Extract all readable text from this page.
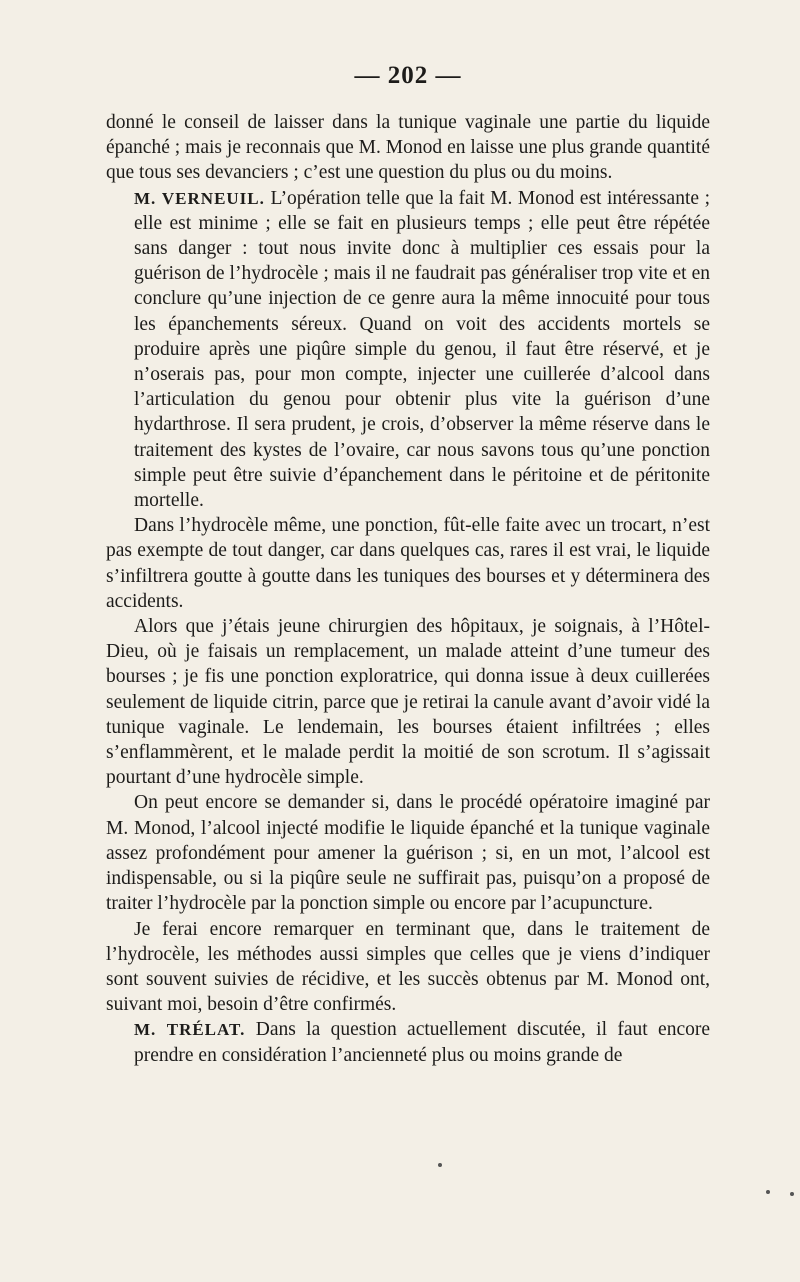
— 202 —

donné le conseil de laisser dans la tunique vaginale une partie du liquide épanché ; mais je reconnais que M. Monod en laisse une plus grande quantité que tous ses devanciers ; c’est une question du plus ou du moins.

M. VERNEUIL. L’opération telle que la fait M. Monod est intéressante ; elle est minime ; elle se fait en plusieurs temps ; elle peut être répétée sans danger : tout nous invite donc à multiplier ces essais pour la guérison de l’hydrocèle ; mais il ne faudrait pas généraliser trop vite et en conclure qu’une injection de ce genre aura la même innocuité pour tous les épanchements séreux. Quand on voit des accidents mortels se produire après une piqûre simple du genou, il faut être réservé, et je n’oserais pas, pour mon compte, injecter une cuillerée d’alcool dans l’articulation du genou pour obtenir plus vite la guérison d’une hydarthrose. Il sera prudent, je crois, d’observer la même réserve dans le traitement des kystes de l’ovaire, car nous savons tous qu’une ponction simple peut être suivie d’épanchement dans le péritoine et de péritonite mortelle.

Dans l’hydrocèle même, une ponction, fût-elle faite avec un trocart, n’est pas exempte de tout danger, car dans quelques cas, rares il est vrai, le liquide s’infiltrera goutte à goutte dans les tuniques des bourses et y déterminera des accidents.

Alors que j’étais jeune chirurgien des hôpitaux, je soignais, à l’Hôtel-Dieu, où je faisais un remplacement, un malade atteint d’une tumeur des bourses ; je fis une ponction exploratrice, qui donna issue à deux cuillerées seulement de liquide citrin, parce que je retirai la canule avant d’avoir vidé la tunique vaginale. Le lendemain, les bourses étaient infiltrées ; elles s’enflammèrent, et le malade perdit la moitié de son scrotum. Il s’agissait pourtant d’une hydrocèle simple.

On peut encore se demander si, dans le procédé opératoire imaginé par M. Monod, l’alcool injecté modifie le liquide épanché et la tunique vaginale assez profondément pour amener la guérison ; si, en un mot, l’alcool est indispensable, ou si la piqûre seule ne suffirait pas, puisqu’on a proposé de traiter l’hydrocèle par la ponction simple ou encore par l’acupuncture.

Je ferai encore remarquer en terminant que, dans le traitement de l’hydrocèle, les méthodes aussi simples que celles que je viens d’indiquer sont souvent suivies de récidive, et les succès obtenus par M. Monod ont, suivant moi, besoin d’être confirmés.

M. TRÉLAT. Dans la question actuellement discutée, il faut encore prendre en considération l’ancienneté plus ou moins grande de
